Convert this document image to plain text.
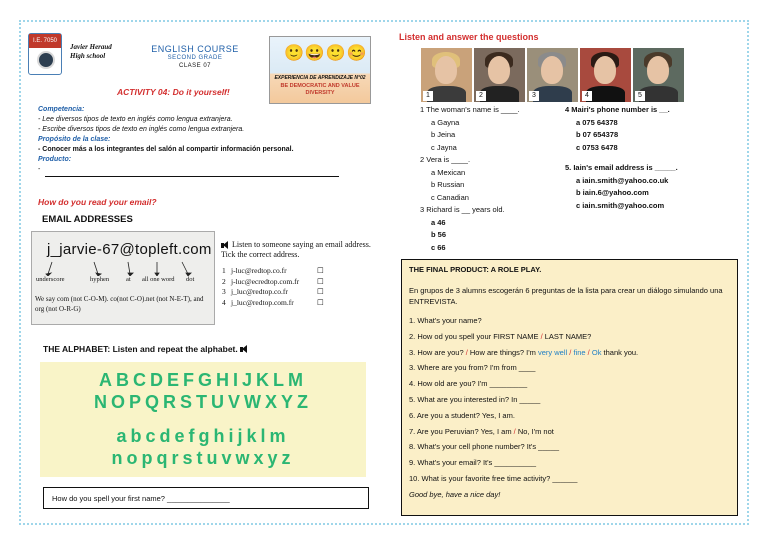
I.E. 7050
Javier Heraud
High school
ENGLISH COURSE
SECOND GRADE
CLASE 07
🙂😀🙂😊
EXPERIENCIA DE APRENDIZAJE N°02
BE DEMOCRATIC AND VALUE DIVERSITY
ACTIVITY 04: Do it yourself!
Competencia:
- Lee diversos tipos de texto en inglés como lengua extranjera.
- Escribe diversos tipos de texto en inglés como lengua extranjera.
Propósito de la clase:
- Conocer más a los integrantes del salón al compartir información personal.
Producto:
-
How do you read your email?
EMAIL ADDRESSES
j_jarvie-67@topleft.com
underscore	hyphen	at all one word dot
We say com (not C-O-M). co(not C-O).net (not N-E-T), and org (not O-R-G)
Listen to someone saying an email address. Tick the correct address.
1 j-luc@redtop.co.fr	☐
2 j-luc@ecredtop.com.fr	☐
3 j_luc@redtop.co.fr	☐
4 j_luc@redtop.com.fr	☐
THE ALPHABET: Listen and repeat the alphabet.
ABCDEFGHIJKLM
NOPQRSTUVWXYZ
abcdefghijklm
nopqrstuvwxyz
How do you spell your first name? _______________
Listen and answer the questions
1	2	3	4	5
1 The woman's name is ____.
a Gayna
b Jeina
c Jayna
2 Vera is ____.
a Mexican
b Russian
c Canadian
3 Richard is __ years old.
a 46
b 56
c 66
4 Mairi's phone number is __.
a 075 64378
b 07 654378
c 0753 6478
5. Iain's email address is _____.
a iain.smith@yahoo.co.uk
b iain.6@yahoo.com
c iain.smith@yahoo.com
THE FINAL PRODUCT: A ROLE PLAY.
En grupos de 3 alumns escogerán 6 preguntas de la lista para crear un diálogo simulando una ENTREVISTA.
1. What's your name?
2. How od you spell your FIRST NAME / LAST NAME?
3. How are you? / How are things? I'm very well / fine / Ok thank you.
3. Where are you from? I'm from ____
4. How old are you? I'm _________
5. What are you interested in? In _____
6. Are you a student? Yes, I am.
7. Are you Peruvian? Yes, I am / No, I'm not
8. What's your cell phone number? It's _____
9. What's your email? It's __________
10. What is your favorite free time activity? ______
Good bye, have a nice day!
